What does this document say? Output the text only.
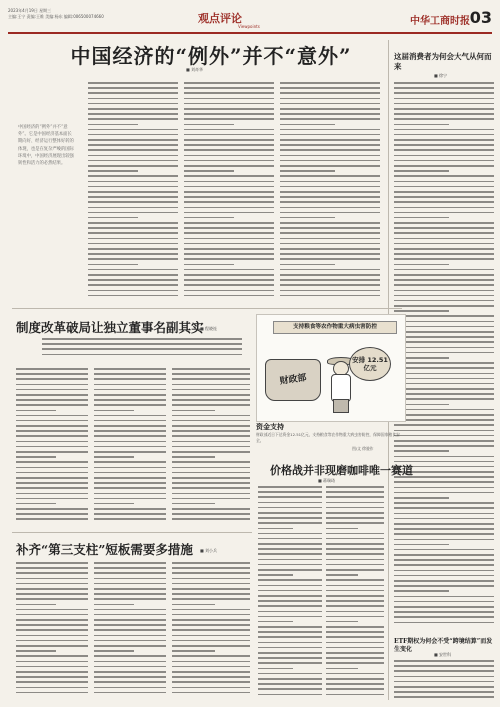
2023年4月19日 星期三
主编:王宁 责编:王维 美编:杨东 编辑:006500074660	观点评论
Viewpoints	中华工商时报 03
中国经济的“例外”并不“意外”
■ 刘奇华
中国经济的“例外”并不“意外”。它是中国经济基本面长期向好、经济运行整体好转的体现，也是在复杂严峻的国际环境中，中国经济展现出较强韧性和活力的必然结果。
这届消费者为何会大气从何而来
■ 徐宁
ETF期权为何会不受“跨境结算”而发生变化
■ 安世科
制度改革破局让独立董事名副其实
■ 程晓连	支持粮食等农作物重大病虫害防控
财政部
安排 12.51亿元
资金支持
财政部近日下达资金12.51亿元，支持粮食等农作物重大病虫害防控，保障国家粮食安全。
图/文 徐骏作
补齐“第三支柱”短板需要多措施 ■ 刘小兵
价格战并非现磨咖啡唯一赛道
■ 蒋瑞琦
